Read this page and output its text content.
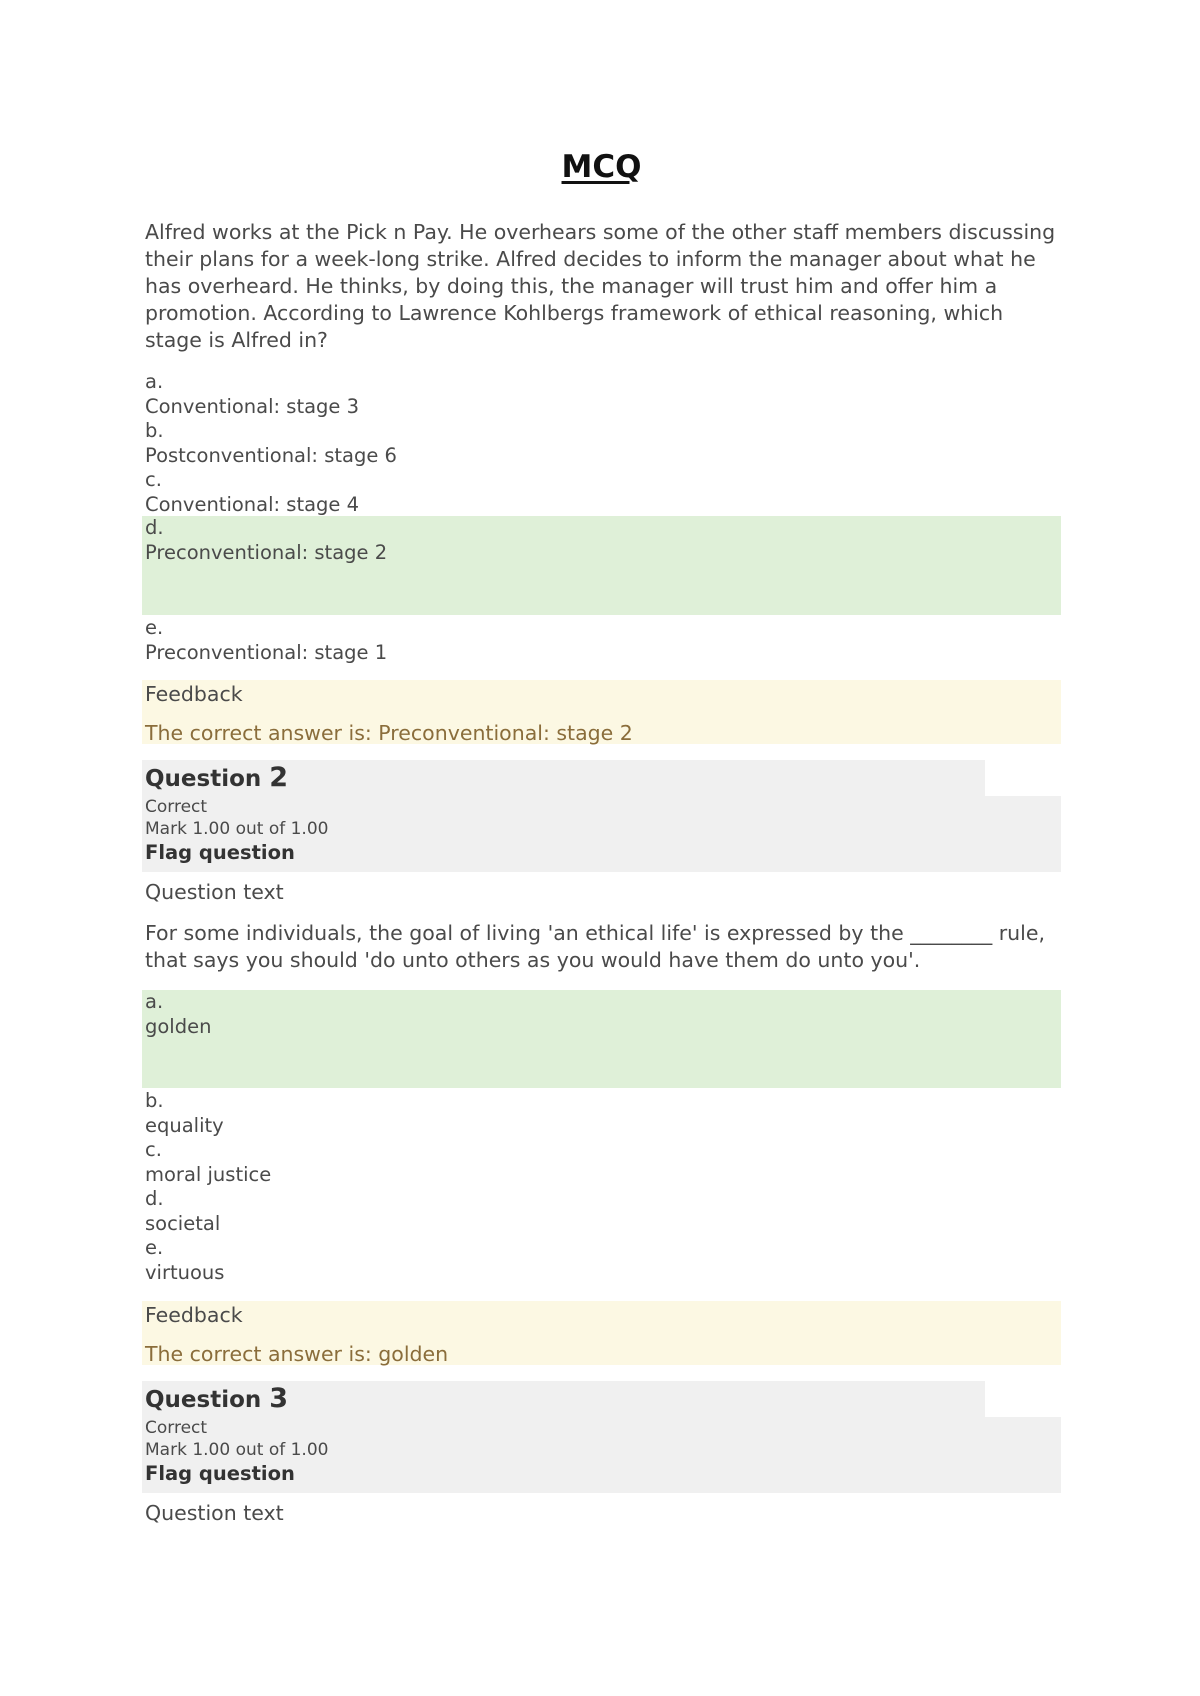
MCQ

Alfred works at the Pick n Pay. He overhears some of the other staff members discussing their plans for a week-long strike. Alfred decides to inform the manager about what he has overheard. He thinks, by doing this, the manager will trust him and offer him a promotion. According to Lawrence Kohlbergs framework of ethical reasoning, which stage is Alfred in?

a.
Conventional: stage 3
b.
Postconventional: stage 6
c.
Conventional: stage 4
d.
Preconventional: stage 2
e.
Preconventional: stage 1
Feedback
The correct answer is: Preconventional: stage 2
Question 2
Correct
Mark 1.00 out of 1.00
Flag question
Question text

For some individuals, the goal of living 'an ethical life' is expressed by the ________ rule, that says you should 'do unto others as you would have them do unto you'.

a.
golden
b.
equality
c.
moral justice
d.
societal
e.
virtuous
Feedback
The correct answer is: golden
Question 3
Correct
Mark 1.00 out of 1.00
Flag question
Question text
